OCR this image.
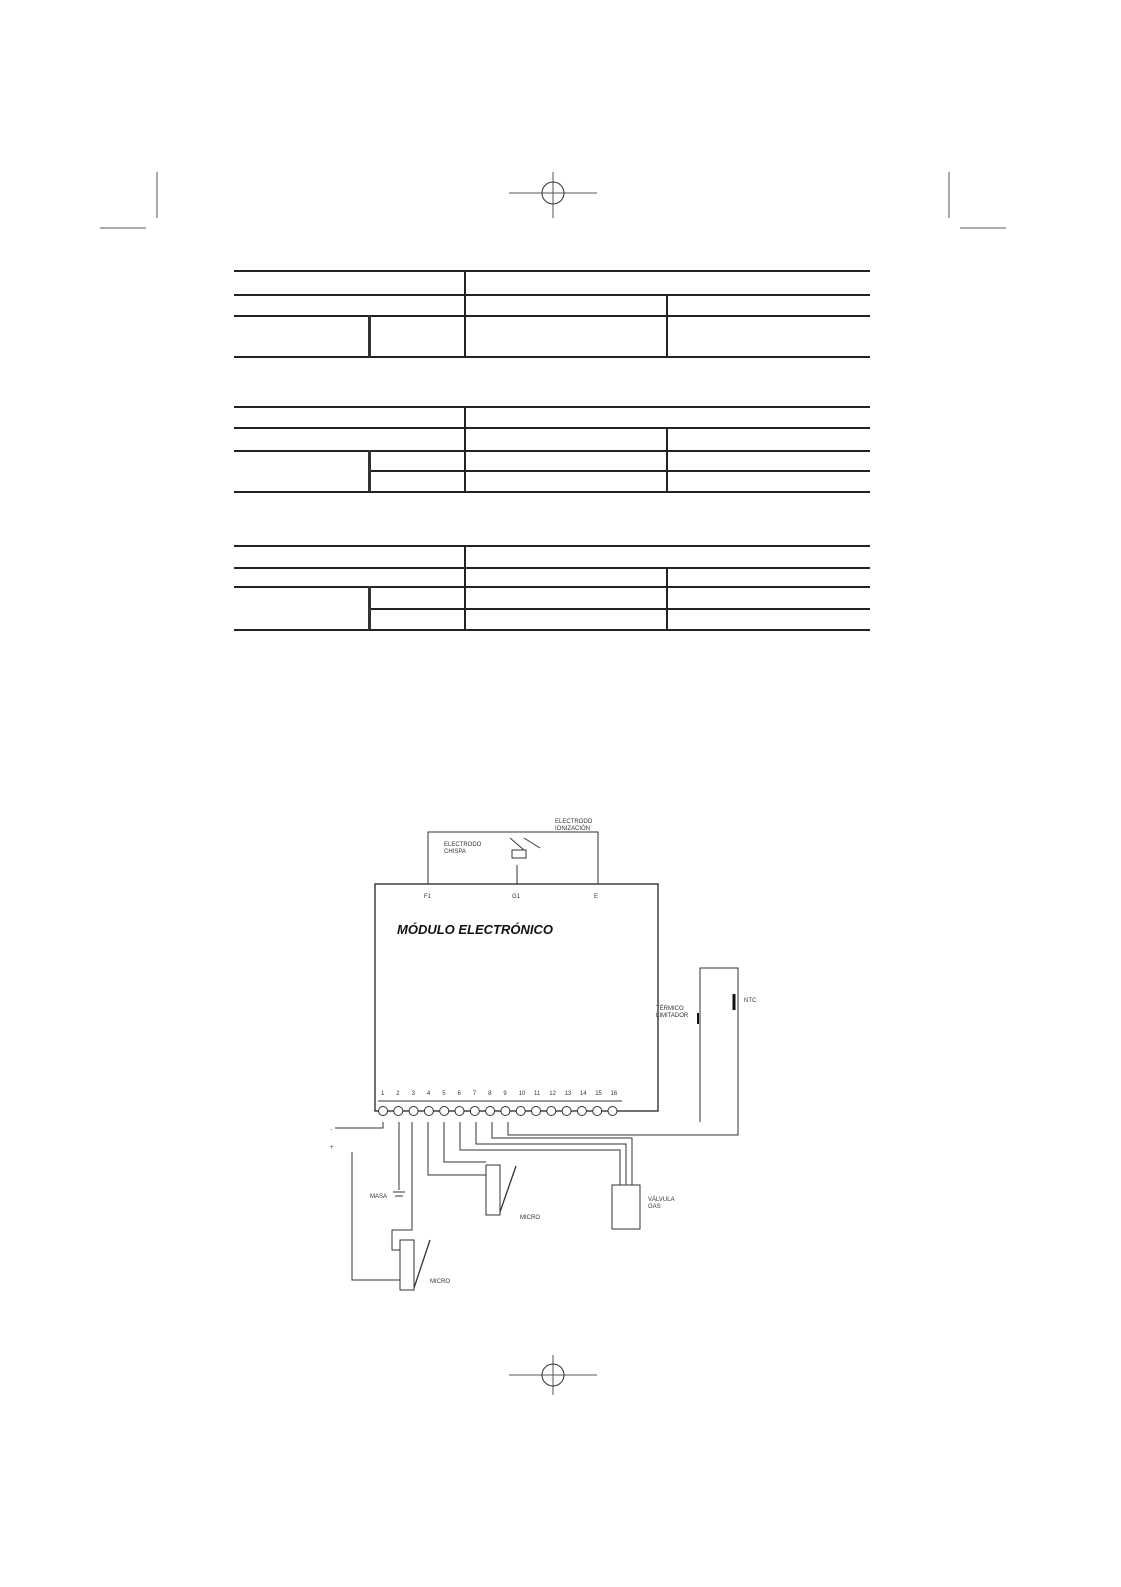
MÓDULO ELECTRÓNICO
ELECTRODO CHISPA
ELECTRODO IONIZACIÓN
F1	G1	E
NTC
TÉRMICO LIMITADOR
1 2 3 4 5 6 7 8 9 10 11 12 13 14 15 16
-
+
MASA
MICRO
MICRO
VÁLVULA GAS
